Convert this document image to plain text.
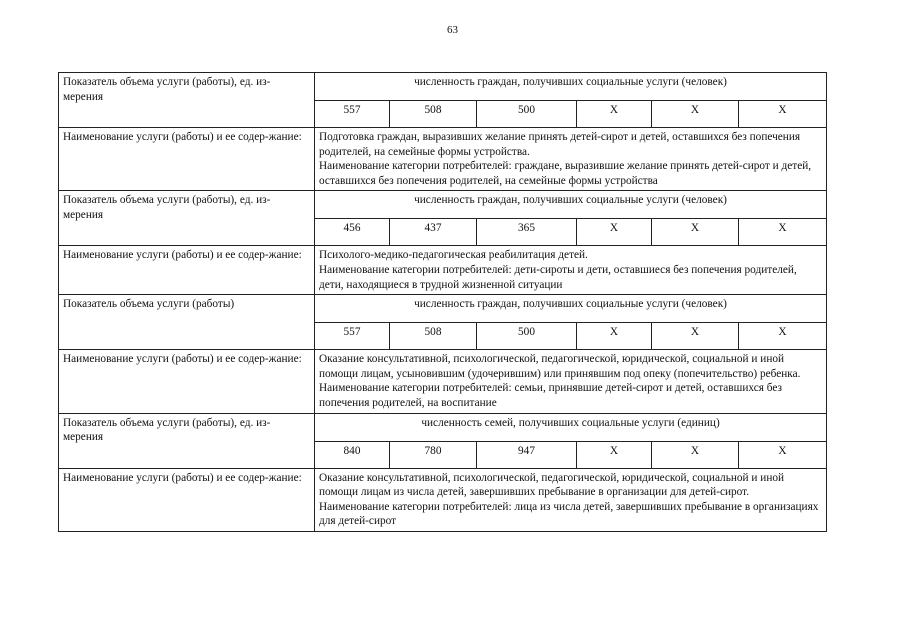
63
Показатель объема услуги (работы), ед. из-мерения	численность граждан, получивших социальные услуги (человек)					
	557	508	500	Х	Х	Х
Наименование услуги (работы) и ее содер-жание:	Подготовка граждан, выразивших желание принять детей-сирот и детей, оставшихся без попечения родителей, на семейные формы устройства.

Наименование категории потребителей: граждане, выразившие желание принять детей-сирот и детей, оставшихся без попечения родителей, на семейные формы устройства					

Показатель объема услуги (работы), ед. из-мерения	численность граждан, получивших социальные услуги (человек)					
	456	437	365	Х	Х	Х
Наименование услуги (работы) и ее содер-жание:	Психолого-медико-педагогическая реабилитация детей.

Наименование категории потребителей: дети-сироты и дети, оставшиеся без попечения родителей, дети, находящиеся в трудной жизненной ситуации					

Показатель объема услуги (работы)	численность граждан, получивших социальные услуги (человек)					
	557	508	500	Х	Х	Х
Наименование услуги (работы) и ее содер-жание:	Оказание консультативной, психологической, педагогической, юридической, социальной и иной помощи лицам, усыновившим (удочерившим) или принявшим под опеку (попечительство) ребенка.

Наименование категории потребителей: семьи, принявшие детей-сирот и детей, оставшихся без попечения родителей, на воспитание					

Показатель объема услуги (работы), ед. из-мерения	численность семей, получивших социальные услуги (единиц)					
	840	780	947	Х	Х	Х
Наименование услуги (работы) и ее содер-жание:	Оказание консультативной, психологической, педагогической, юридической, социальной и иной помощи лицам из числа детей, завершивших пребывание в организации для детей-сирот.

Наименование категории потребителей: лица из числа детей, завершивших пребывание в организациях для детей-сирот					
